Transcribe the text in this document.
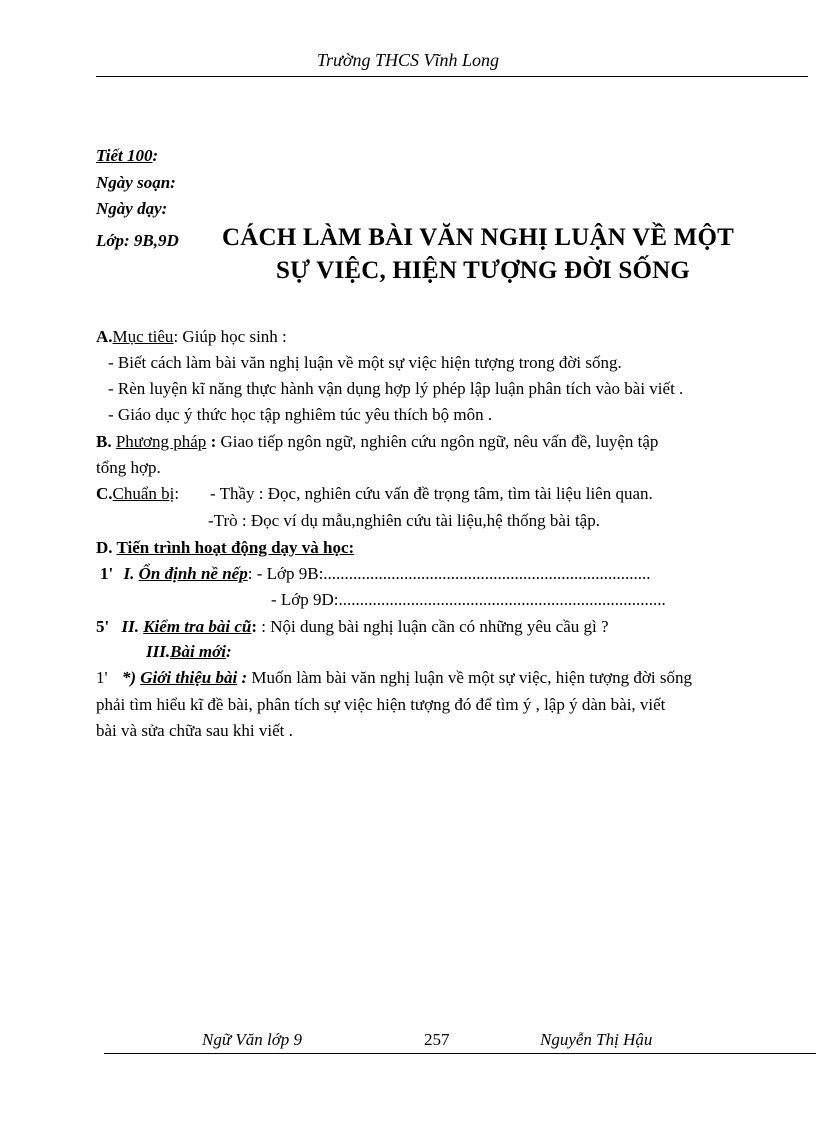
Trường THCS Vĩnh Long
Tiết 100:
Ngày soạn:
Ngày dạy:
Lớp: 9B,9D CÁCH LÀM BÀI VĂN NGHỊ LUẬN VỀ MỘT
SỰ VIỆC, HIỆN TƯỢNG ĐỜI SỐNG
A.Mục tiêu: Giúp học sinh :
- Biết cách làm bài văn nghị luận về một sự việc hiện tượng trong đời sống.
- Rèn luyện kĩ năng thực hành vận dụng hợp lý phép lập luận phân tích vào bài viết .
- Giáo dục ý thức học tập nghiêm túc yêu thích bộ môn .
B. Phương pháp : Giao tiếp ngôn ngữ, nghiên cứu ngôn ngữ, nêu vấn đề, luyện tập
tổng hợp.
C.Chuẩn bị: - Thầy : Đọc, nghiên cứu vấn đề trọng tâm, tìm tài liệu liên quan.
-Trò : Đọc ví dụ mẫu,nghiên cứu tài liệu,hệ thống bài tập.
D. Tiến trình hoạt động dạy và học:
1' I. Ổn định nề nếp: - Lớp 9B:.............................................................................
- Lớp 9D:.............................................................................
5' II. Kiểm tra bài cũ: : Nội dung bài nghị luận cần có những yêu cầu gì ?
III.Bài mới:
1' *) Giới thiệu bài : Muốn làm bài văn nghị luận về một sự việc, hiện tượng đời sống
phải tìm hiểu kĩ đề bài, phân tích sự việc hiện tượng đó để tìm ý , lập ý dàn bài, viết
bài và sửa chữa sau khi viết .
Ngữ Văn lớp 9	257	Nguyễn Thị Hậu
